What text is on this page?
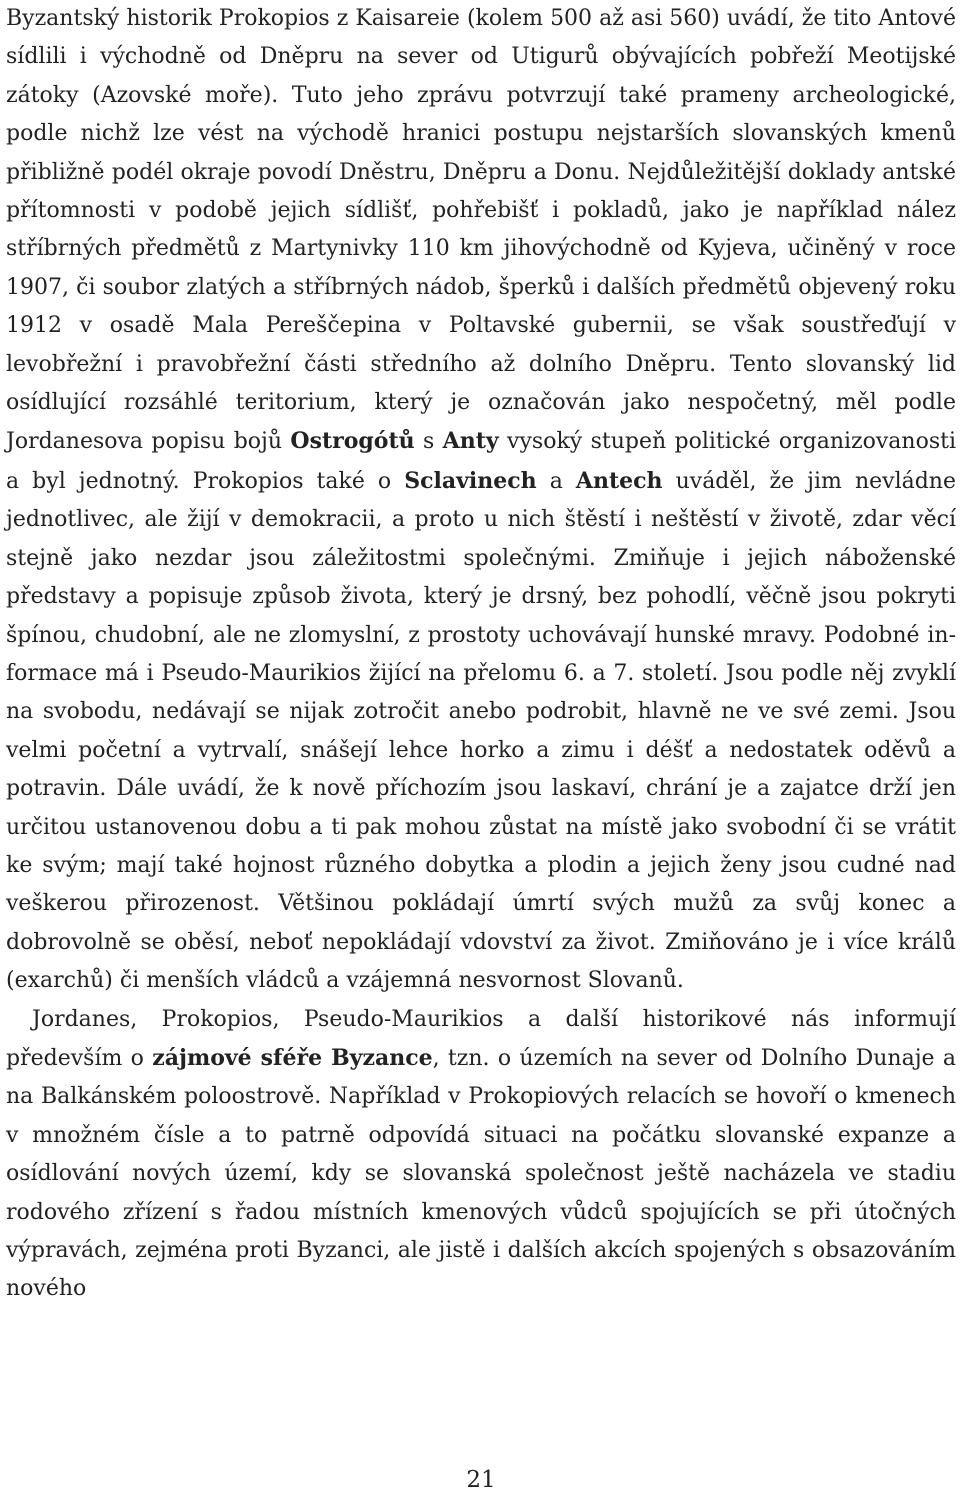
Byzantský historik Prokopios z Kaisareie (kolem 500 až asi 560) uvádí, že tito Antové sídlili i východně od Dněpru na sever od Utigurů obývajících pobřeží Meotijské zátoky (Azovské moře). Tuto jeho zprávu potvrzují také prameny archeologické, podle nichž lze vést na východě hranici postupu nejstarších slovanských kmenů přibližně podél okraje povodí Dněstru, Dněpru a Donu. Nejdůležitější doklady antské přítomnosti v podobě jejich sídlišť, pohřebišť i pokladů, jako je například nález stříbrných předmětů z Martynivky 110 km jihovýchodně od Kyjeva, učiněný v roce 1907, či soubor zlatých a stříbrných nádob, šperků i dalších předmětů objevený roku 1912 v osadě Mala Pereščepina v Poltavské gubernii, se však soustřeďují v levobřežní i pravobřežní části středního až dolního Dněpru. Tento slovanský lid osídlující rozsáhlé teritorium, který je označován jako nespočetný, měl podle Jordanesova popisu bojů Ostrogótů s Anty vysoký stupeň politické organizovanosti a byl jednotný. Prokopios také o Sclavinech a Antech uváděl, že jim nevládne jednotlivec, ale žijí v demokracii, a proto u nich štěstí i neštěstí v životě, zdar věcí stejně jako nezdar jsou záležitostmi společnými. Zmiňuje i jejich náboženské představy a popisuje způsob života, který je drsný, bez pohodlí, věčně jsou pokryti špínou, chudobní, ale ne zlomyslní, z prostoty uchovávají hunské mravy. Podobné informace má i Pseudo-Maurikios žijící na přelomu 6. a 7. století. Jsou podle něj zvyklí na svobodu, nedávají se nijak zotročit anebo podrobit, hlavně ne ve své zemi. Jsou velmi početní a vytrvalí, snášejí lehce horko a zimu i déšť a nedostatek oděvů a potravin. Dále uvádí, že k nově příchozím jsou laskaví, chrání je a zajatce drží jen určitou ustanovenou dobu a ti pak mohou zůstat na místě jako svobodní či se vrátit ke svým; mají také hojnost různého dobytka a plodin a jejich ženy jsou cudné nad veškerou přirozenost. Většinou pokládají úmrtí svých mužů za svůj konec a dobrovolně se oběsí, neboť nepokládají vdovství za život. Zmiňováno je i více králů (exarchů) či menších vládců a vzájemná nesvornost Slovanů.

Jordanes, Prokopios, Pseudo-Maurikios a další historikové nás informují především o zájmové sféře Byzance, tzn. o územích na sever od Dolního Dunaje a na Balkánském poloostrově. Například v Prokopiových relacích se hovoří o kmenech v množném čísle a to patrně odpovídá situaci na počátku slovanské expanze a osídlování nových území, kdy se slovanská společnost ještě nacházela ve stadiu rodového zřízení s řadou místních kmenových vůdců spojujících se při útočných výpravách, zejména proti Byzanci, ale jistě i dalších akcích spojených s obsazováním nového

21
